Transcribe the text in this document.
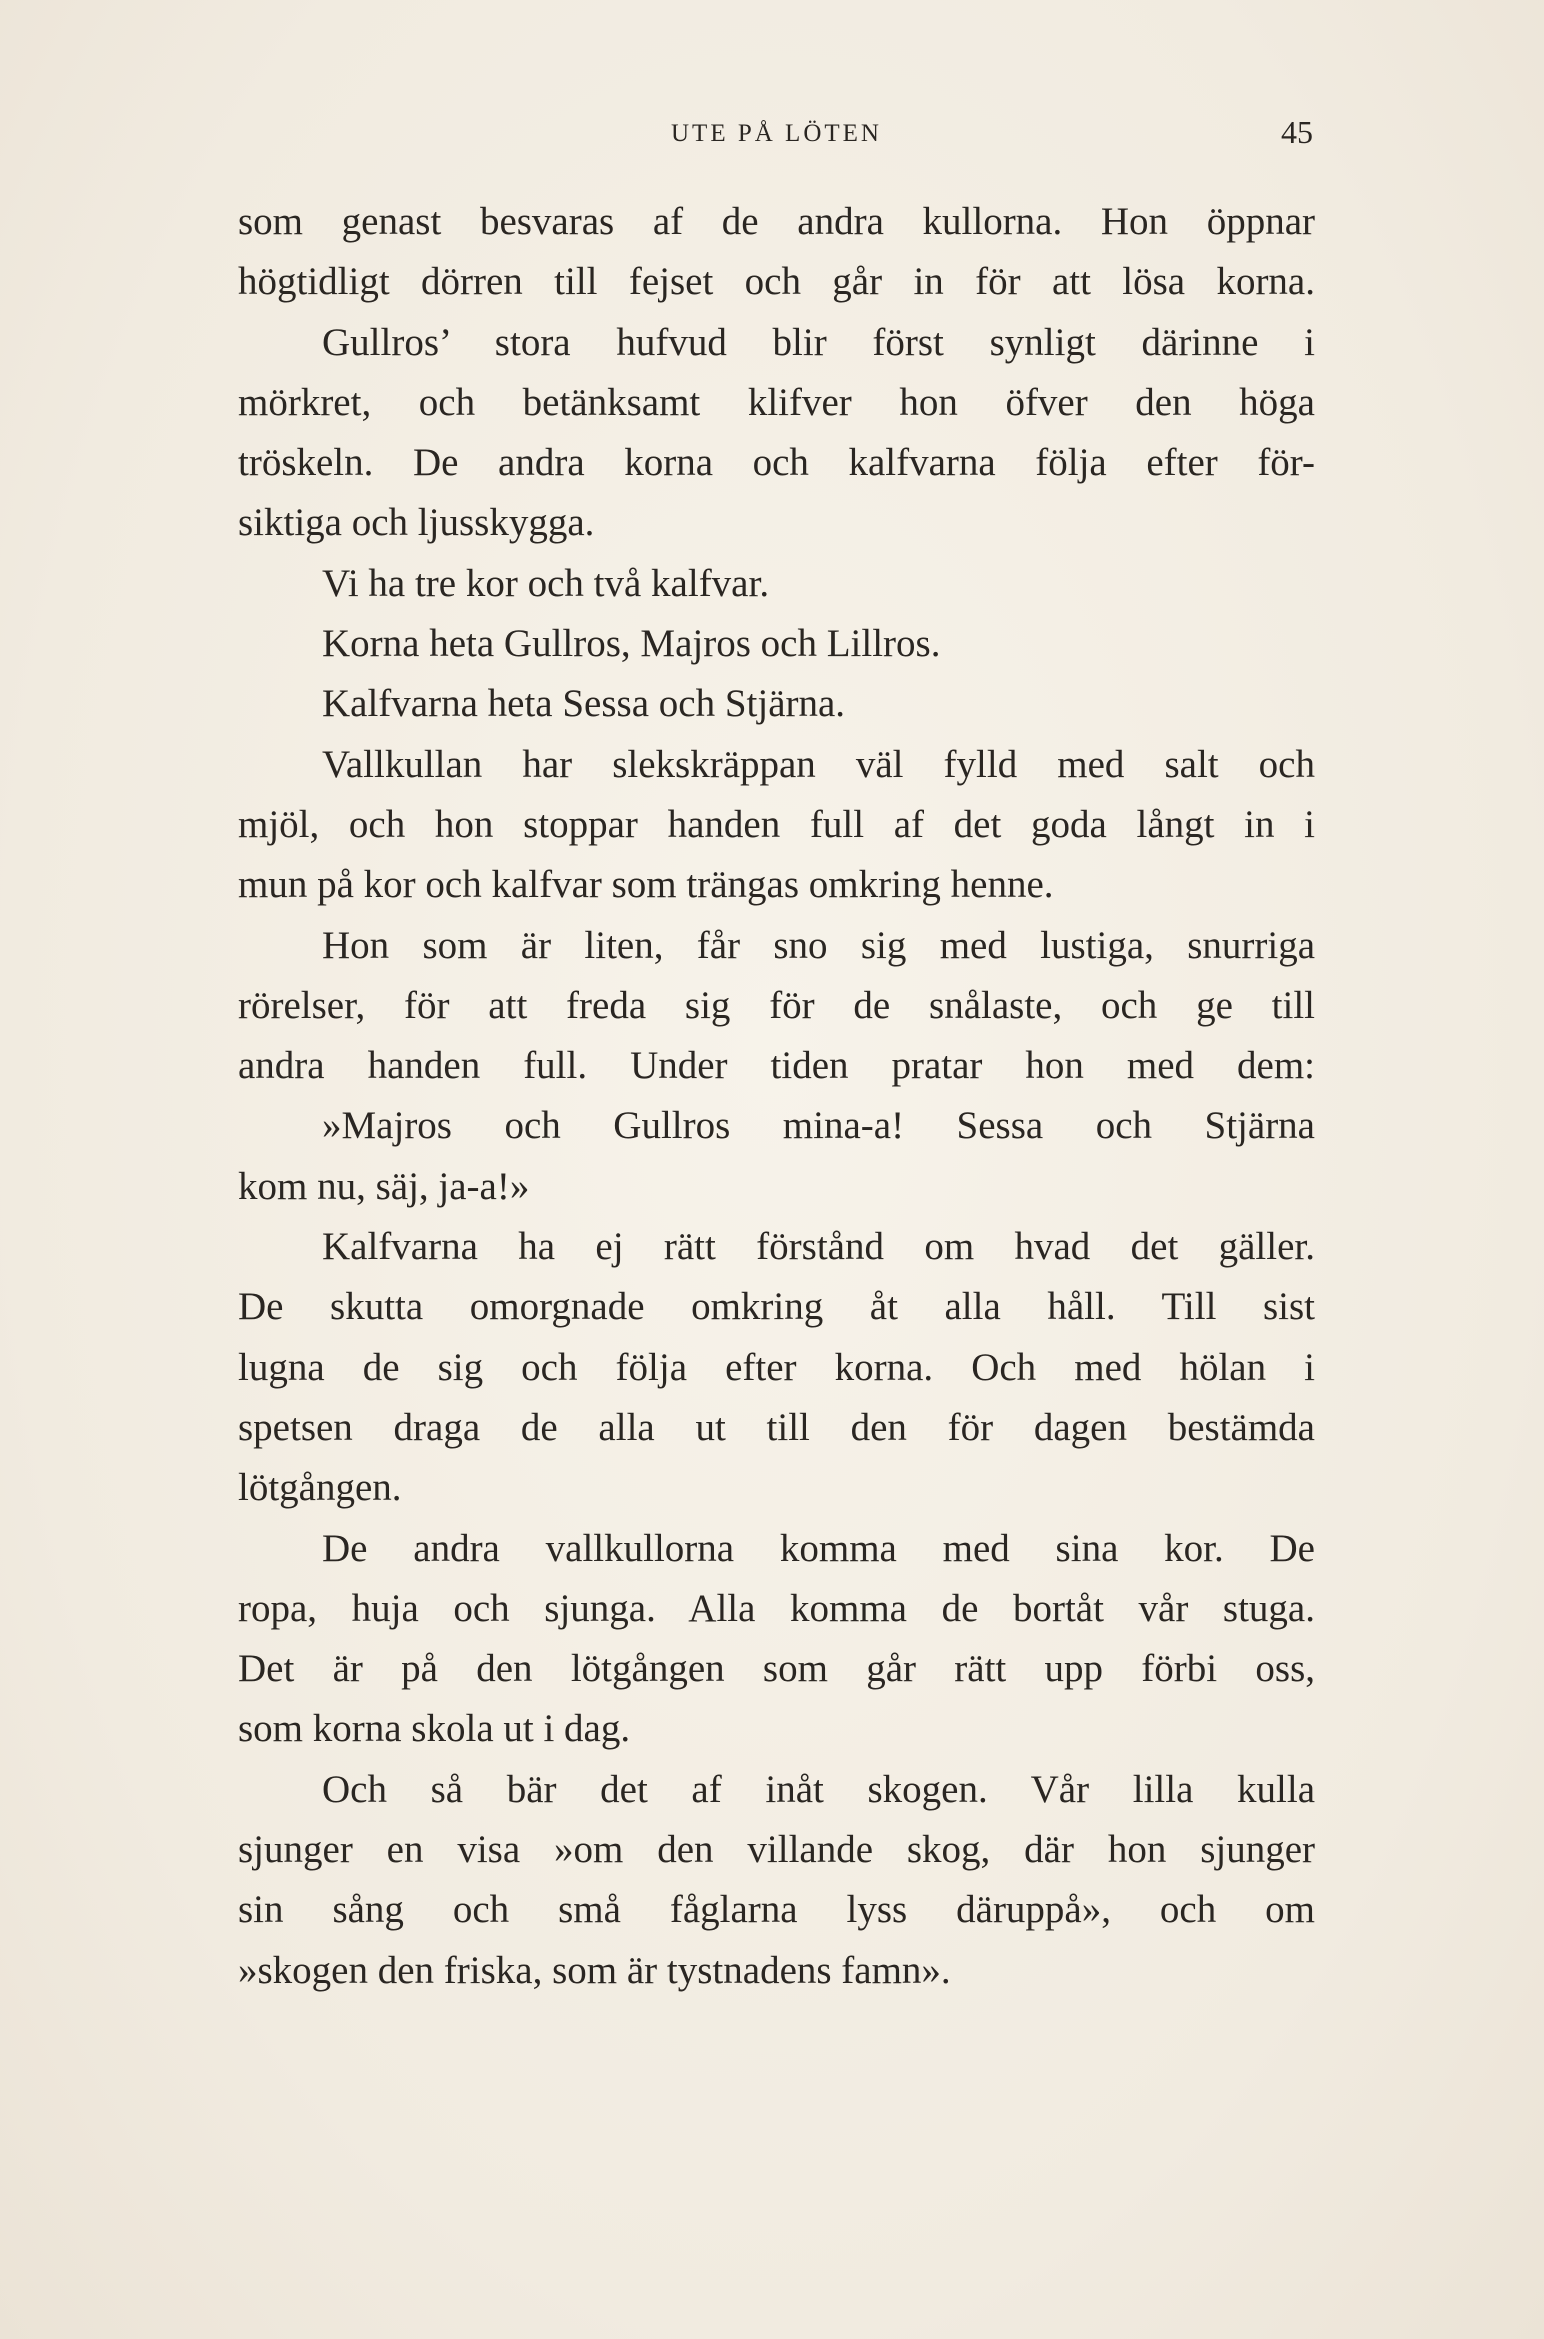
UTE PÅ LÖTEN	45
som genast besvaras af de andra kullorna. Hon öppnar
högtidligt dörren till fejset och går in för att lösa korna.
Gullros’ stora hufvud blir först synligt därinne i
mörkret, och betänksamt klifver hon öfver den höga
tröskeln. De andra korna och kalfvarna följa efter för-
siktiga och ljusskygga.
Vi ha tre kor och två kalfvar.
Korna heta Gullros, Majros och Lillros.
Kalfvarna heta Sessa och Stjärna.
Vallkullan har slekskräppan väl fylld med salt och
mjöl, och hon stoppar handen full af det goda långt in i
mun på kor och kalfvar som trängas omkring henne.
Hon som är liten, får sno sig med lustiga, snurriga
rörelser, för att freda sig för de snålaste, och ge till
andra handen full. Under tiden pratar hon med dem:
»Majros och Gullros mina-a! Sessa och Stjärna
kom nu, säj, ja-a!»
Kalfvarna ha ej rätt förstånd om hvad det gäller.
De skutta omorgnade omkring åt alla håll. Till sist
lugna de sig och följa efter korna. Och med hölan i
spetsen draga de alla ut till den för dagen bestämda
lötgången.
De andra vallkullorna komma med sina kor. De
ropa, huja och sjunga. Alla komma de bortåt vår stuga.
Det är på den lötgången som går rätt upp förbi oss,
som korna skola ut i dag.
Och så bär det af inåt skogen. Vår lilla kulla
sjunger en visa »om den villande skog, där hon sjunger
sin sång och små fåglarna lyss däruppå», och om
»skogen den friska, som är tystnadens famn».
